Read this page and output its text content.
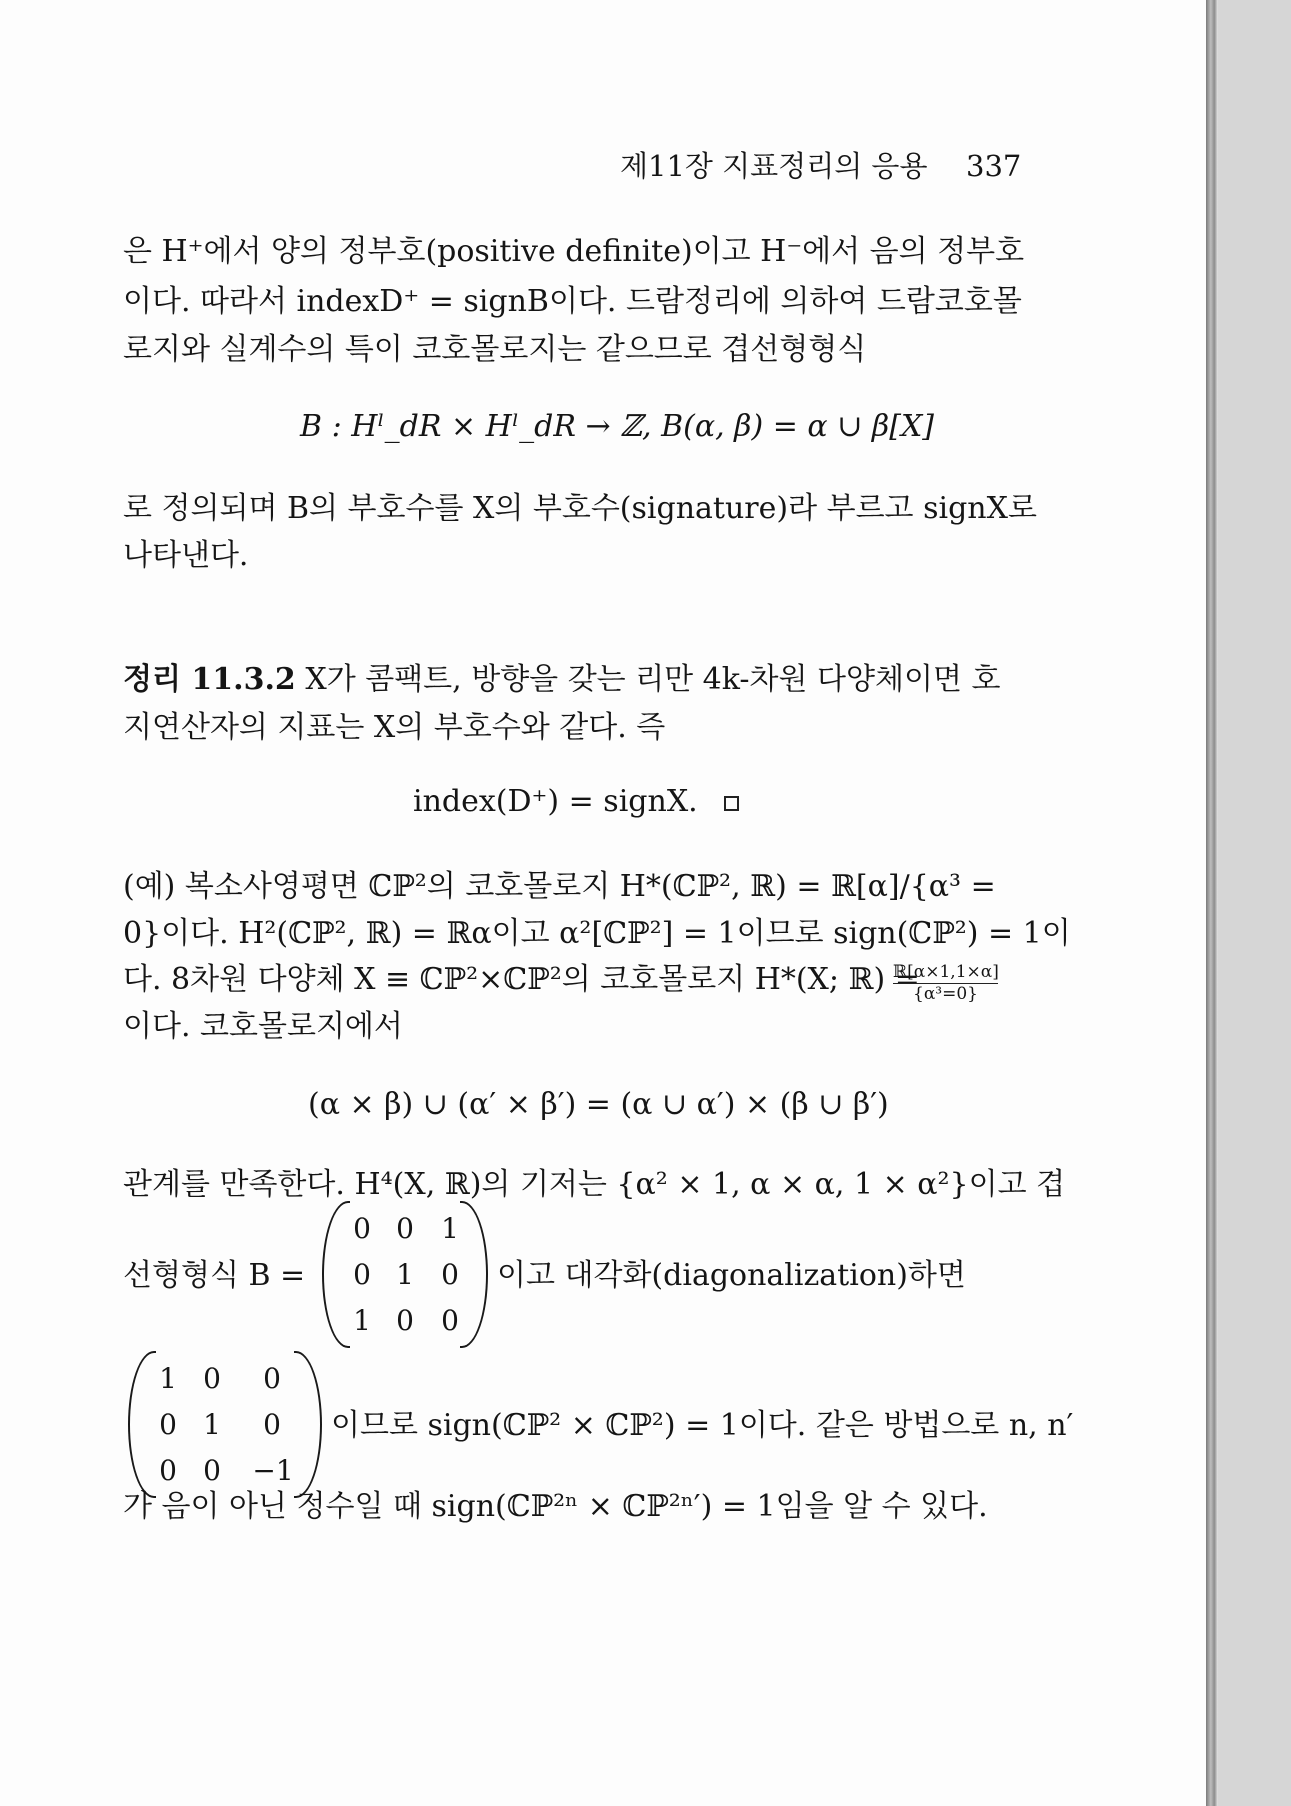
제11장 지표정리의 응용 337
은 H⁺에서 양의 정부호(positive definite)이고 H⁻에서 음의 정부호
이다. 따라서 indexD⁺ = signB이다. 드람정리에 의하여 드람코호몰
로지와 실계수의 특이 코호몰로지는 같으므로 겹선형형식
B : Hˡ_dR × Hˡ_dR → ℤ, B(α, β) = α ∪ β[X]
로 정의되며 B의 부호수를 X의 부호수(signature)라 부르고 signX로
나타낸다.
정리 11.3.2 X가 콤팩트, 방향을 갖는 리만 4k-차원 다양체이면 호
지연산자의 지표는 X의 부호수와 같다. 즉
index(D⁺) = signX.
(예) 복소사영평면 ℂℙ²의 코호몰로지 H*(ℂℙ², ℝ) = ℝ[α]/{α³ =
0}이다. H²(ℂℙ², ℝ) = ℝα이고 α²[ℂℙ²] = 1이므로 sign(ℂℙ²) = 1이
다. 8차원 다양체 X ≡ ℂℙ²×ℂℙ²의 코호몰로지 H*(X; ℝ) =
ℝ[α×1,1×α]
{α³=0}
이다. 코호몰로지에서
(α × β) ∪ (α′ × β′) = (α ∪ α′) × (β ∪ β′)
관계를 만족한다. H⁴(X, ℝ)의 기저는 {α² × 1, α × α, 1 × α²}이고 겹
선형형식 B =
0 0 1
0 1 0
1 0 0
이고 대각화(diagonalization)하면
1 0 0
0 1 0
0 0 −1
이므로 sign(ℂℙ² × ℂℙ²) = 1이다. 같은 방법으로 n, n′
가 음이 아닌 정수일 때 sign(ℂℙ²ⁿ × ℂℙ²ⁿ′) = 1임을 알 수 있다.
